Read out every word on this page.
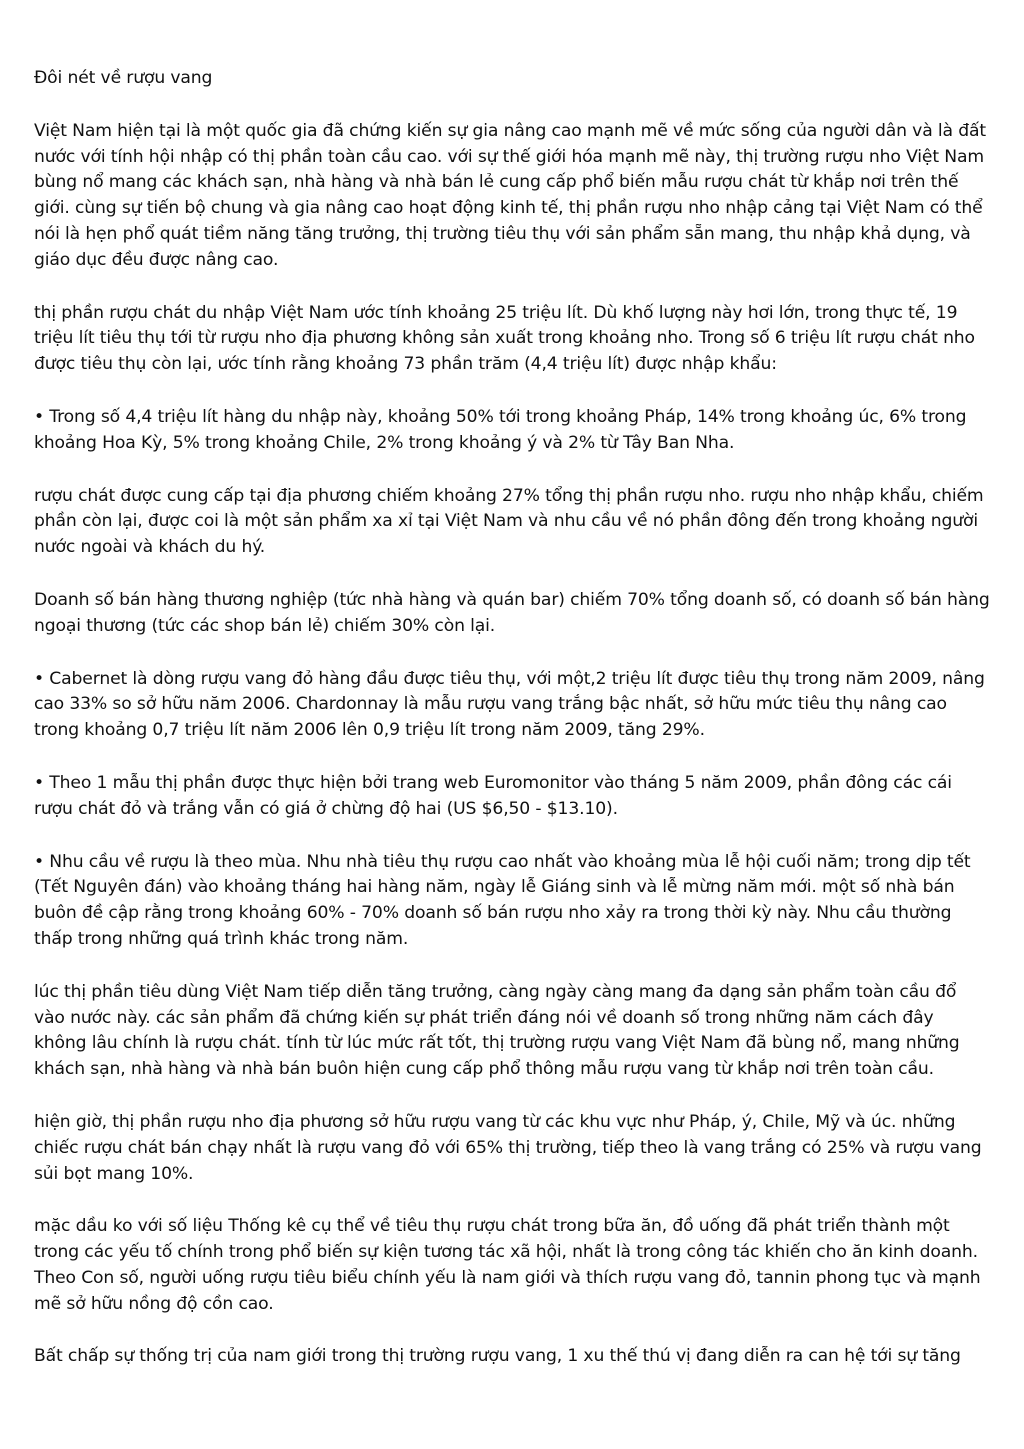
Đôi nét về rượu vang

Việt Nam hiện tại là một quốc gia đã chứng kiến sự gia nâng cao mạnh mẽ về mức sống của người dân và là đất nước với tính hội nhập có thị phần toàn cầu cao. với sự thế giới hóa mạnh mẽ này, thị trường rượu nho Việt Nam bùng nổ mang các khách sạn, nhà hàng và nhà bán lẻ cung cấp phổ biến mẫu rượu chát từ khắp nơi trên thế giới. cùng sự tiến bộ chung và gia nâng cao hoạt động kinh tế, thị phần rượu nho nhập cảng tại Việt Nam có thể nói là hẹn phổ quát tiềm năng tăng trưởng, thị trường tiêu thụ với sản phẩm sẵn mang, thu nhập khả dụng, và giáo dục đều được nâng cao.

thị phần rượu chát du nhập Việt Nam ước tính khoảng 25 triệu lít. Dù khố lượng này hơi lớn, trong thực tế, 19 triệu lít tiêu thụ tới từ rượu nho địa phương không sản xuất trong khoảng nho. Trong số 6 triệu lít rượu chát nho được tiêu thụ còn lại, ước tính rằng khoảng 73 phần trăm (4,4 triệu lít) được nhập khẩu:

• Trong số 4,4 triệu lít hàng du nhập này, khoảng 50% tới trong khoảng Pháp, 14% trong khoảng úc, 6% trong khoảng Hoa Kỳ, 5% trong khoảng Chile, 2% trong khoảng ý và 2% từ Tây Ban Nha.

rượu chát được cung cấp tại địa phương chiếm khoảng 27% tổng thị phần rượu nho. rượu nho nhập khẩu, chiếm phần còn lại, được coi là một sản phẩm xa xỉ tại Việt Nam và nhu cầu về nó phần đông đến trong khoảng người nước ngoài và khách du hý.

Doanh số bán hàng thương nghiệp (tức nhà hàng và quán bar) chiếm 70% tổng doanh số, có doanh số bán hàng ngoại thương (tức các shop bán lẻ) chiếm 30% còn lại.

• Cabernet là dòng rượu vang đỏ hàng đầu được tiêu thụ, với một,2 triệu lít được tiêu thụ trong năm 2009, nâng cao 33% so sở hữu năm 2006. Chardonnay là mẫu rượu vang trắng bậc nhất, sở hữu mức tiêu thụ nâng cao trong khoảng 0,7 triệu lít năm 2006 lên 0,9 triệu lít trong năm 2009, tăng 29%.

• Theo 1 mẫu thị phần được thực hiện bởi trang web Euromonitor vào tháng 5 năm 2009, phần đông các cái rượu chát đỏ và trắng vẫn có giá ở chừng độ hai (US $6,50 - $13.10).

• Nhu cầu về rượu là theo mùa. Nhu nhà tiêu thụ rượu cao nhất vào khoảng mùa lễ hội cuối năm; trong dịp tết (Tết Nguyên đán) vào khoảng tháng hai hàng năm, ngày lễ Giáng sinh và lễ mừng năm mới. một số nhà bán buôn đề cập rằng trong khoảng 60% - 70% doanh số bán rượu nho xảy ra trong thời kỳ này. Nhu cầu thường thấp trong những quá trình khác trong năm.

lúc thị phần tiêu dùng Việt Nam tiếp diễn tăng trưởng, càng ngày càng mang đa dạng sản phẩm toàn cầu đổ vào nước này. các sản phẩm đã chứng kiến sự phát triển đáng nói về doanh số trong những năm cách đây không lâu chính là rượu chát. tính từ lúc mức rất tốt, thị trường rượu vang Việt Nam đã bùng nổ, mang những khách sạn, nhà hàng và nhà bán buôn hiện cung cấp phổ thông mẫu rượu vang từ khắp nơi trên toàn cầu.

hiện giờ, thị phần rượu nho địa phương sở hữu rượu vang từ các khu vực như Pháp, ý, Chile, Mỹ và úc. những chiếc rượu chát bán chạy nhất là rượu vang đỏ với 65% thị trường, tiếp theo là vang trắng có 25% và rượu vang sủi bọt mang 10%.

mặc dầu ko với số liệu Thống kê cụ thể về tiêu thụ rượu chát trong bữa ăn, đồ uống đã phát triển thành một trong các yếu tố chính trong phổ biến sự kiện tương tác xã hội, nhất là trong công tác khiến cho ăn kinh doanh. Theo Con số, người uống rượu tiêu biểu chính yếu là nam giới và thích rượu vang đỏ, tannin phong tục và mạnh mẽ sở hữu nồng độ cồn cao.

Bất chấp sự thống trị của nam giới trong thị trường rượu vang, 1 xu thế thú vị đang diễn ra can hệ tới sự tăng
